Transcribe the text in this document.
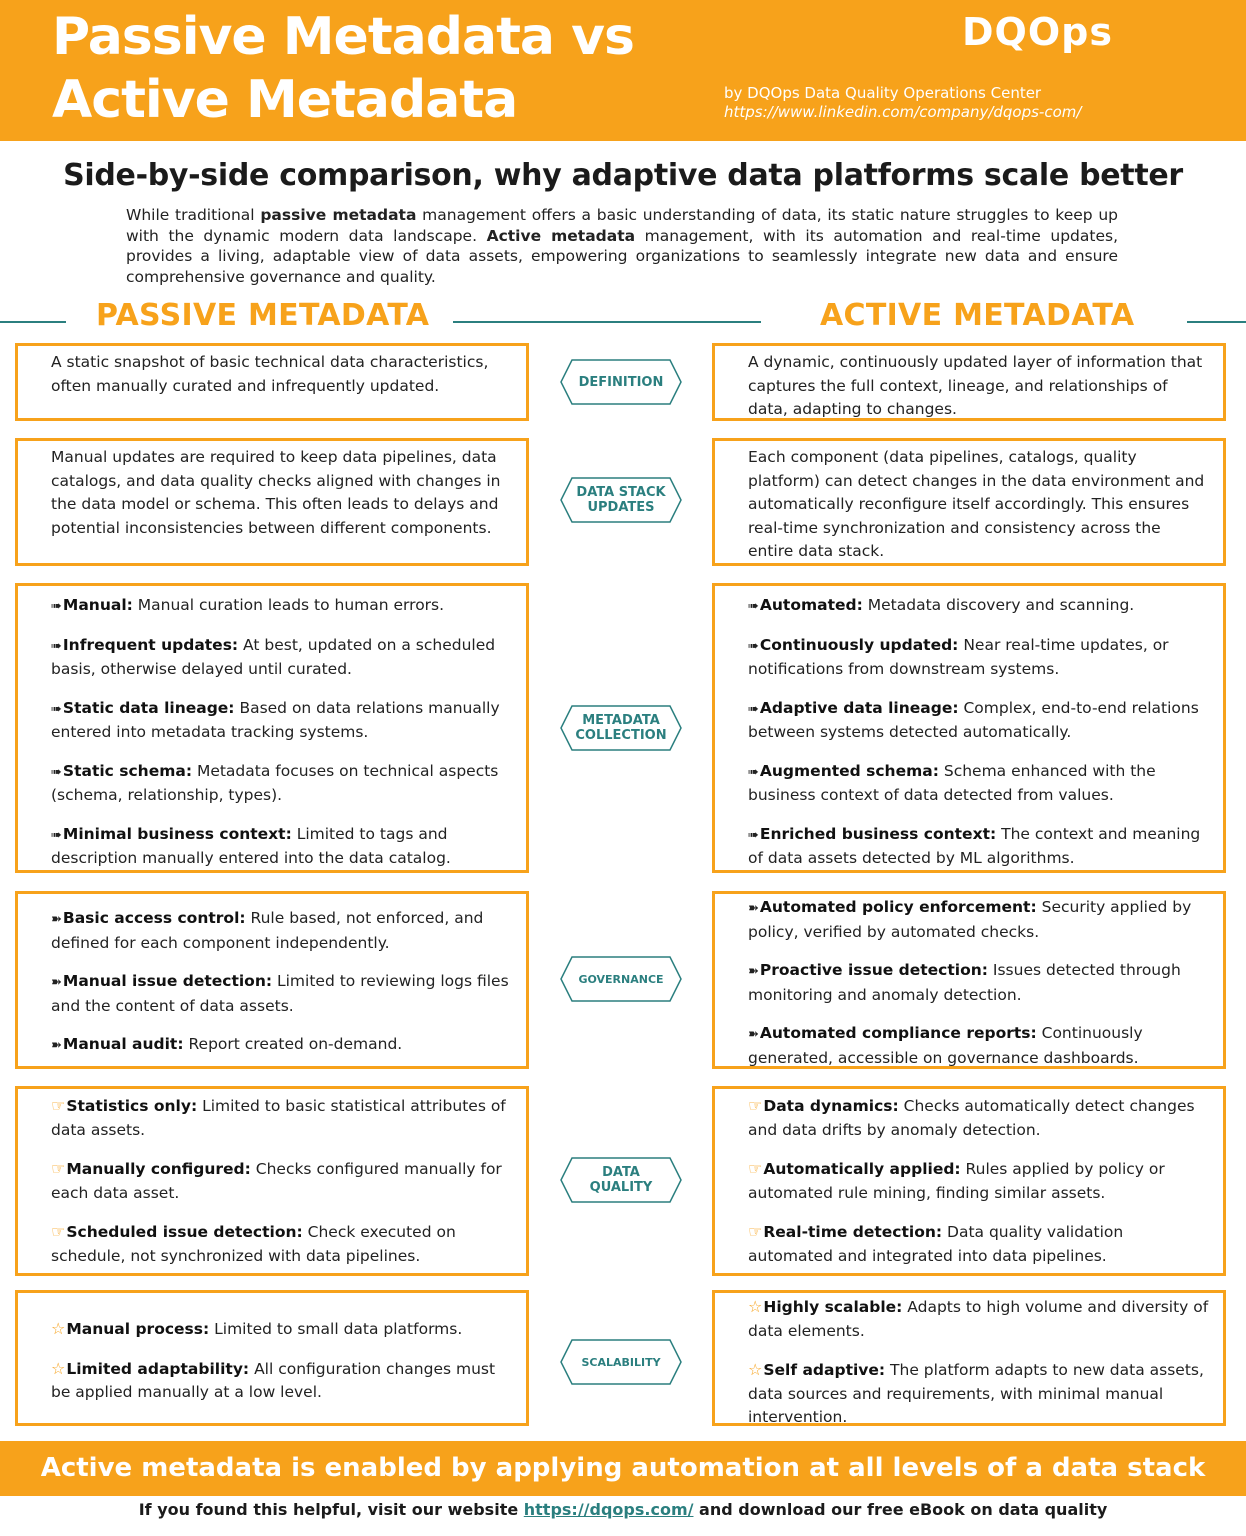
Passive Metadata vs
Active Metadata
DQOps
by DQOps Data Quality Operations Center
https://www.linkedin.com/company/dqops-com/
Side-by-side comparison, why adaptive data platforms scale better
While traditional passive metadata management offers a basic understanding of data, its static nature struggles to keep up with the dynamic modern data landscape. Active metadata management, with its automation and real-time updates, provides a living, adaptable view of data assets, empowering organizations to seamlessly integrate new data and ensure comprehensive governance and quality.
PASSIVE METADATA	ACTIVE METADATA
A static snapshot of basic technical data characteristics, often manually curated and infrequently updated.	DEFINITION
A dynamic, continuously updated layer of information that captures the full context, lineage, and relationships of data, adapting to changes.
Manual updates are required to keep data pipelines, data catalogs, and data quality checks aligned with changes in the data model or schema. This often leads to delays and potential inconsistencies between different components.
DATA STACK
UPDATES
Each component (data pipelines, catalogs, quality platform) can detect changes in the data environment and automatically reconfigure itself accordingly. This ensures real-time synchronization and consistency across the entire data stack.
➠Manual: Manual curation leads to human errors.
➠Infrequent updates: At best, updated on a scheduled basis, otherwise delayed until curated.
➠Static data lineage: Based on data relations manually entered into metadata tracking systems.
➠Static schema: Metadata focuses on technical aspects (schema, relationship, types).
➠Minimal business context: Limited to tags and description manually entered into the data catalog.
METADATA
COLLECTION
➠Automated: Metadata discovery and scanning.
➠Continuously updated: Near real-time updates, or notifications from downstream systems.
➠Adaptive data lineage: Complex, end-to-end relations between systems detected automatically.
➠Augmented schema: Schema enhanced with the business context of data detected from values.
➠Enriched business context: The context and meaning of data assets detected by ML algorithms.
➽Basic access control: Rule based, not enforced, and defined for each component independently.
➽Manual issue detection: Limited to reviewing logs files and the content of data assets.
➽Manual audit: Report created on-demand.
GOVERNANCE
➽Automated policy enforcement: Security applied by policy, verified by automated checks.
➽Proactive issue detection: Issues detected through monitoring and anomaly detection.
➽Automated compliance reports: Continuously generated, accessible on governance dashboards.
☞Statistics only: Limited to basic statistical attributes of data assets.
☞Manually configured: Checks configured manually for each data asset.
☞Scheduled issue detection: Check executed on schedule, not synchronized with data pipelines.
DATA
QUALITY
☞Data dynamics: Checks automatically detect changes and data drifts by anomaly detection.
☞Automatically applied: Rules applied by policy or automated rule mining, finding similar assets.
☞Real-time detection: Data quality validation automated and integrated into data pipelines.
☆Manual process: Limited to small data platforms.
☆Limited adaptability: All configuration changes must be applied manually at a low level.
SCALABILITY
☆Highly scalable: Adapts to high volume and diversity of data elements.
☆Self adaptive: The platform adapts to new data assets, data sources and requirements, with minimal manual intervention.
Active metadata is enabled by applying automation at all levels of a data stack
If you found this helpful, visit our website https://dqops.com/ and download our free eBook on data quality
